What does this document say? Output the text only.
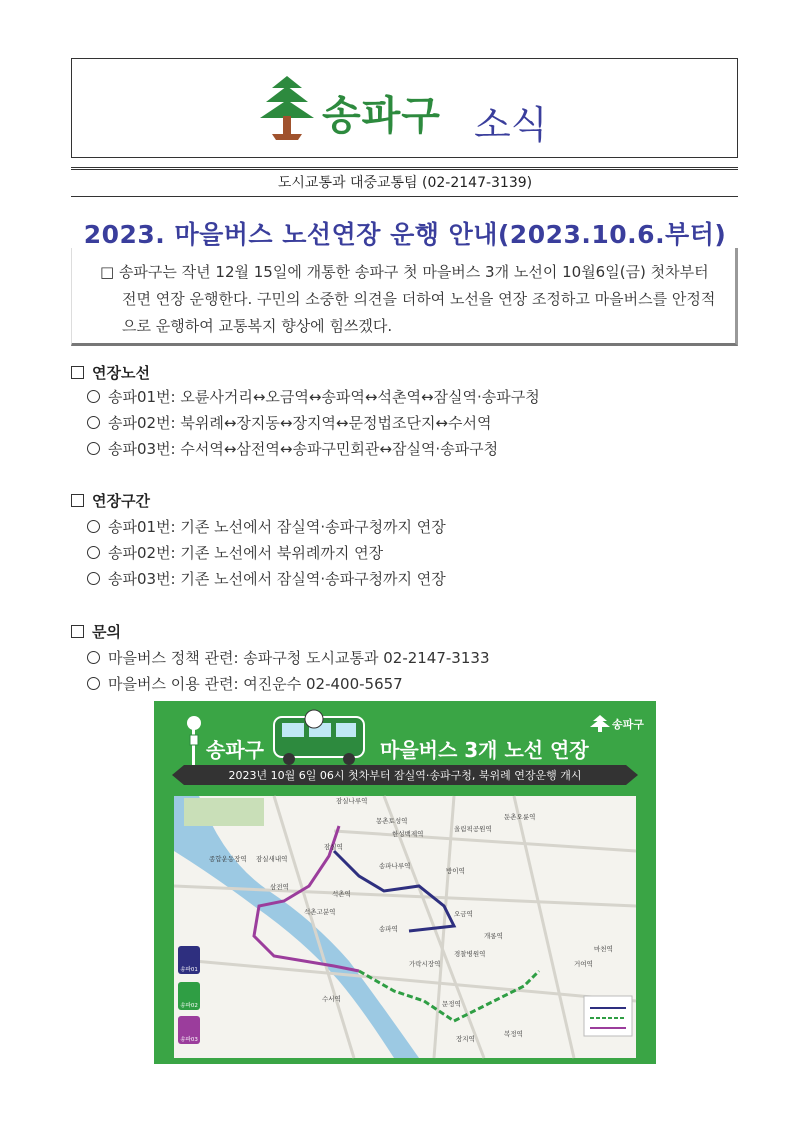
송파구 소식
도시교통과 대중교통팀 (02-2147-3139)
2023. 마을버스 노선연장 운행 안내(2023.10.6.부터)
□ 송파구는 작년 12월 15일에 개통한 송파구 첫 마을버스 3개 노선이 10월6일(금) 첫차부터 전면 연장 운행한다. 구민의 소중한 의견을 더하여 노선을 연장 조정하고 마을버스를 안정적으로 운행하여 교통복지 향상에 힘쓰겠다.
연장노선
송파01번: 오륜사거리↔오금역↔송파역↔석촌역↔잠실역·송파구청
송파02번: 북위례↔장지동↔장지역↔문정법조단지↔수서역
송파03번: 수서역↔삼전역↔송파구민회관↔잠실역·송파구청
연장구간
송파01번: 기존 노선에서 잠실역·송파구청까지 연장
송파02번: 기존 노선에서 북위례까지 연장
송파03번: 기존 노선에서 잠실역·송파구청까지 연장
문의
마을버스 정책 관련: 송파구청 도시교통과 02-2147-3133
마을버스 이용 관련: 여진운수 02-400-5657
송파구
송파구	마을버스 3개 노선 연장
2023년 10월 6일 06시 첫차부터 잠실역·송파구청, 북위례 연장운행 개시
잠실나루역
몽촌토성역
올림픽공원역
둔촌오륜역
한성백제역
잠실새내역
종합운동장역
잠실역
석촌역
송파나루역
송파역
방이역
오금역
개롱역
삼전역
석촌고분역
가락시장역
경찰병원역
거여역
마천역
수서역
문정역
장지역
복정역
송파01
송파02
송파03
